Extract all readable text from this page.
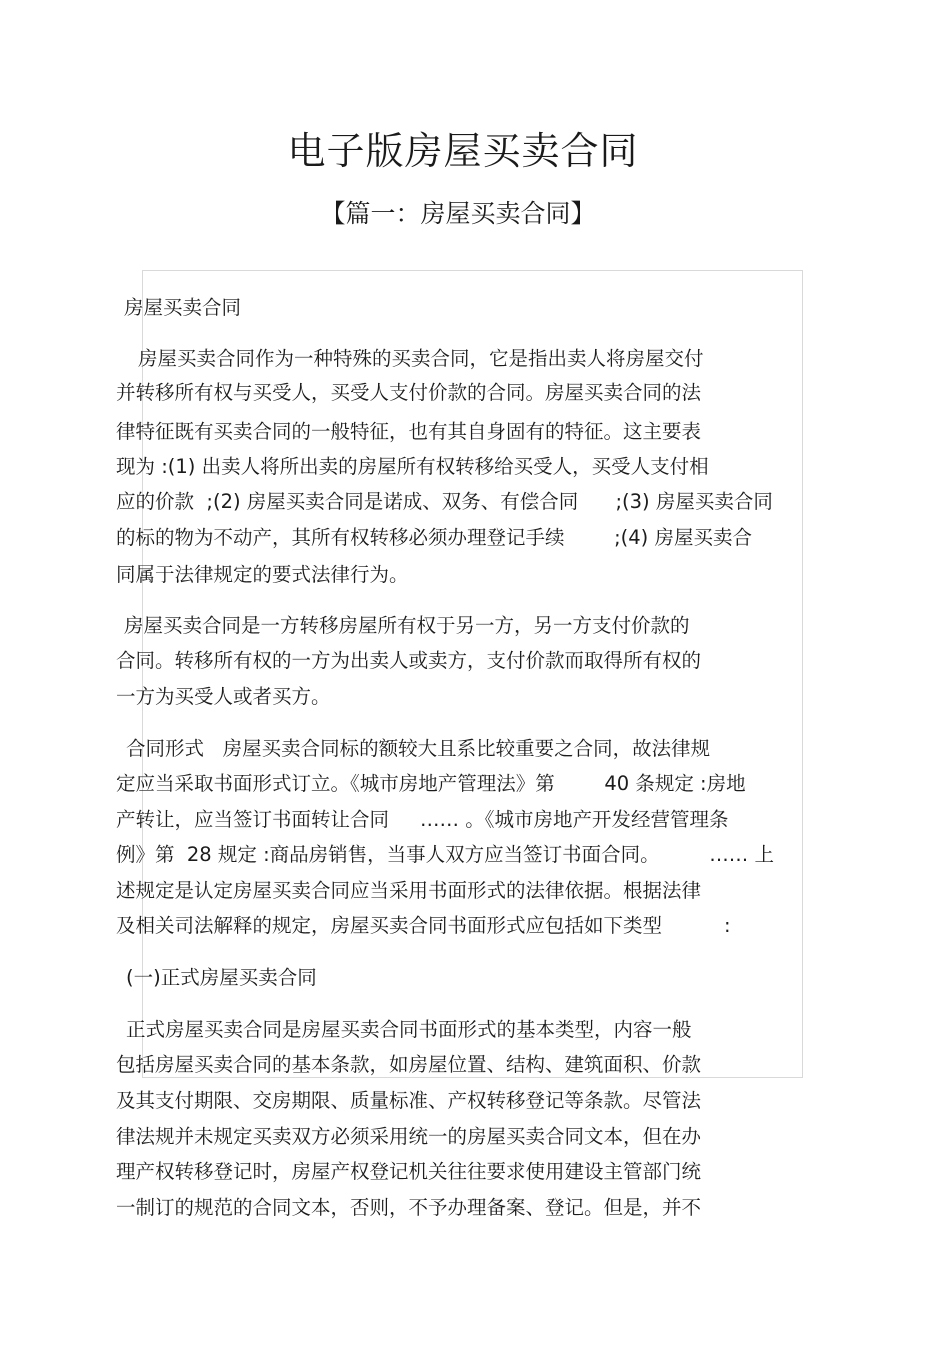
电子版房屋买卖合同
【篇一：房屋买卖合同】
房屋买卖合同
房屋买卖合同作为一种特殊的买卖合同，它是指出卖人将房屋交付
并转移所有权与买受人，买受人支付价款的合同。房屋买卖合同的法
律特征既有买卖合同的一般特征，也有其自身固有的特征。这主要表
现为 :(1) 出卖人将所出卖的房屋所有权转移给买受人，买受人支付相
应的价款  ;(2) 房屋买卖合同是诺成、双务、有偿合同      ;(3) 房屋买卖合同
的标的物为不动产，其所有权转移必须办理登记手续        ;(4) 房屋买卖合
同属于法律规定的要式法律行为。
房屋买卖合同是一方转移房屋所有权于另一方，另一方支付价款的
合同。转移所有权的一方为出卖人或卖方，支付价款而取得所有权的
一方为买受人或者买方。
合同形式   房屋买卖合同标的额较大且系比较重要之合同，故法律规
定应当采取书面形式订立。《城市房地产管理法》第        40 条规定 :房地
产转让，应当签订书面转让合同     …… 。《城市房地产开发经营管理条
例》第  28 规定 :商品房销售，当事人双方应当签订书面合同。        …… 上
述规定是认定房屋买卖合同应当采用书面形式的法律依据。根据法律
及相关司法解释的规定，房屋买卖合同书面形式应包括如下类型          :
(一)正式房屋买卖合同
正式房屋买卖合同是房屋买卖合同书面形式的基本类型，内容一般
包括房屋买卖合同的基本条款，如房屋位置、结构、建筑面积、价款
及其支付期限、交房期限、质量标准、产权转移登记等条款。尽管法
律法规并未规定买卖双方必须采用统一的房屋买卖合同文本，但在办
理产权转移登记时，房屋产权登记机关往往要求使用建设主管部门统
一制订的规范的合同文本，否则，不予办理备案、登记。但是，并不
